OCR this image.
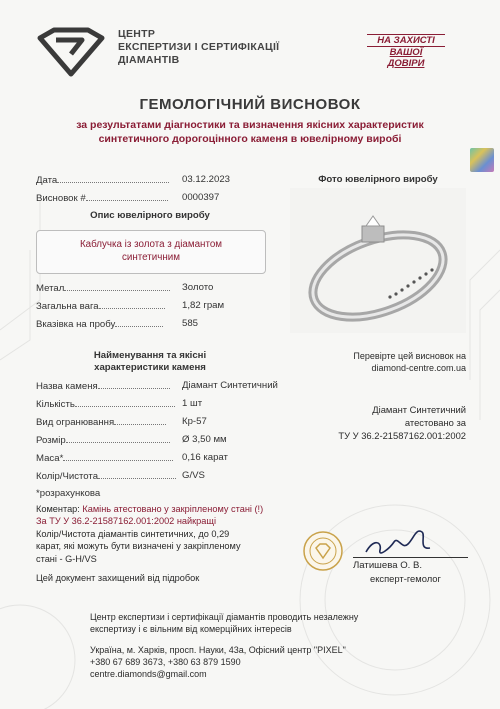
ЦЕНТР
ЕКСПЕРТИЗИ І СЕРТИФІКАЦІЇ
ДІАМАНТІВ
НА ЗАХИСТІ
ВАШОЇ
ДОВІРИ
ГЕМОЛОГІЧНИЙ ВИСНОВОК
за результатами діагностики та визначення якісних характеристик
синтетичного дорогоцінного каменя в ювелірному виробі
Дата	03.12.2023
Висновок #	0000397
Опис ювелірного виробу
Каблучка із золота з діамантом
синтетичним
Метал	Золото
Загальна вага	1,82 грам
Вказівка на пробу	585
Фото ювелірного виробу
Перевірте цей висновок на
diamond-centre.com.ua
Найменування та якісні
характеристики каменя
Назва каменя	Діамант Синтетичний
Кількість	1 шт
Вид огранювання	Кр-57
Розмір	Ø 3,50 мм
Маса*	0,16 карат
Колір/Чистота	G/VS
*розрахункова
Діамант Синтетичний
атестовано за
ТУ У 36.2-21587162.001:2002
Коментар: Камінь атестовано у закріпленому стані (!)
За ТУ У 36.2-21587162.001:2002 найкращі
Колір/Чистота діамантів синтетичних, до 0,29
карат, які можуть бути визначені у закріпленому
стані - G-H/VS
Цей документ захищений від підробок
Латишева О. В.
експерт-гемолог
Центр експертизи і сертифікації діамантів проводить незалежну
експертизу і є вільним від комерційних інтересів
Україна, м. Харків, просп. Науки, 43а, Офісний центр "PIXEL"
+380 67 689 3673, +380 63 879 1590
centre.diamonds@gmail.com
